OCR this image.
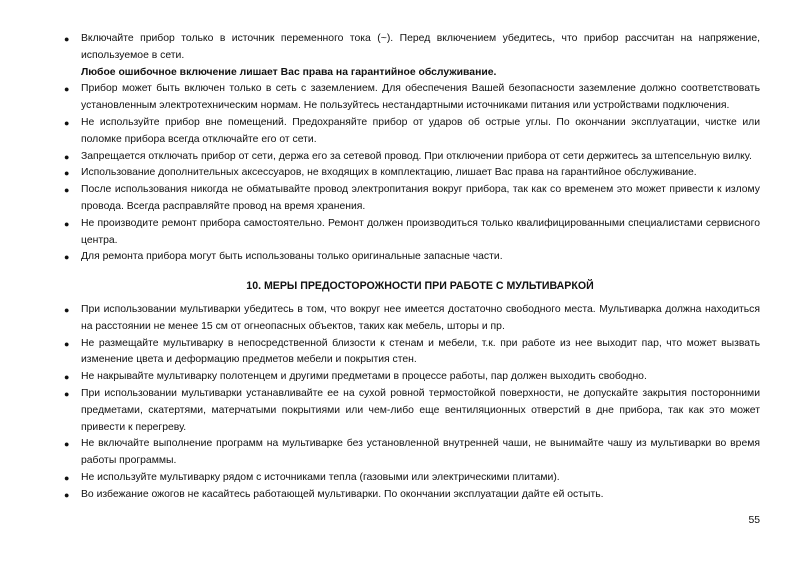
● Включайте прибор только в источник переменного тока (~). Перед включением убедитесь, что прибор рассчитан на напряжение, используемое в сети.
Любое ошибочное включение лишает Вас права на гарантийное обслуживание.
● Прибор может быть включен только в сеть с заземлением. Для обеспечения Вашей безопасности заземление должно соответствовать установленным электротехническим нормам. Не пользуйтесь нестандартными источниками питания или устройствами подключения.
● Не используйте прибор вне помещений. Предохраняйте прибор от ударов об острые углы. По окончании эксплуатации, чистке или поломке прибора всегда отключайте его от сети.
● Запрещается отключать прибор от сети, держа его за сетевой провод. При отключении прибора от сети держитесь за штепсельную вилку.
● Использование дополнительных аксессуаров, не входящих в комплектацию, лишает Вас права на гарантийное обслуживание.
● После использования никогда не обматывайте провод электропитания вокруг прибора, так как со временем это может привести к излому провода. Всегда расправляйте провод на время хранения.
● Не производите ремонт прибора самостоятельно. Ремонт должен производиться только квалифицированными специалистами сервисного центра.
● Для ремонта прибора могут быть использованы только оригинальные запасные части.
10. МЕРЫ ПРЕДОСТОРОЖНОСТИ ПРИ РАБОТЕ С МУЛЬТИВАРКОЙ
● При использовании мультиварки убедитесь в том, что вокруг нее имеется достаточно свободного места. Мультиварка должна находиться на расстоянии не менее 15 см от огнеопасных объектов, таких как мебель, шторы и пр.
● Не размещайте мультиварку в непосредственной близости к стенам и мебели, т.к. при работе из нее выходит пар, что может вызвать изменение цвета и деформацию предметов мебели и покрытия стен.
● Не накрывайте мультиварку полотенцем и другими предметами в процессе работы, пар должен выходить свободно.
● При использовании мультиварки устанавливайте ее на сухой ровной термостойкой поверхности, не допускайте закрытия посторонними предметами, скатертями, матерчатыми покрытиями или чем-либо еще вентиляционных отверстий в дне прибора, так как это может привести к перегреву.
● Не включайте выполнение программ на мультиварке без установленной внутренней чаши, не вынимайте чашу из мультиварки во время работы программы.
● Не используйте мультиварку рядом с источниками тепла (газовыми или электрическими плитами).
● Во избежание ожогов не касайтесь работающей мультиварки. По окончании эксплуатации дайте ей остыть.
55
